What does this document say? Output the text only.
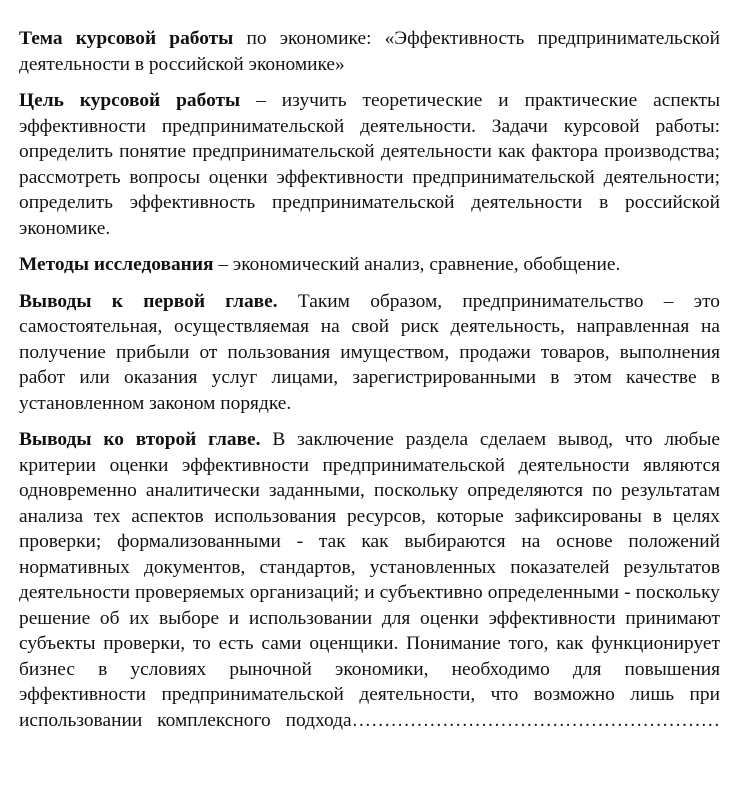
Тема курсовой работы по экономике: «Эффективность предпринимательской деятельности в российской экономике»

Цель курсовой работы – изучить теоретические и практические аспекты эффективности предпринимательской деятельности. Задачи курсовой работы: определить понятие предпринимательской деятельности как фактора производства; рассмотреть вопросы оценки эффективности предпринимательской деятельности; определить эффективность предпринимательской деятельности в российской экономике.

Методы исследования – экономический анализ, сравнение, обобщение.

Выводы к первой главе. Таким образом, предпринимательство – это самостоятельная, осуществляемая на свой риск деятельность, направленная на получение прибыли от пользования имуществом, продажи товаров, выполнения работ или оказания услуг лицами, зарегистрированными в этом качестве в установленном законом порядке.

Выводы ко второй главе. В заключение раздела сделаем вывод, что любые критерии оценки эффективности предпринимательской деятельности являются одновременно аналитически заданными, поскольку определяются по результатам анализа тех аспектов использования ресурсов, которые зафиксированы в целях проверки; формализованными - так как выбираются на основе положений нормативных документов, стандартов, установленных показателей результатов деятельности проверяемых организаций; и субъективно определенными - поскольку решение об их выборе и использовании для оценки эффективности принимают субъекты проверки, то есть сами оценщики. Понимание того, как функционирует бизнес в условиях рыночной экономики, необходимо для повышения эффективности предпринимательской деятельности, что возможно лишь при использовании комплексного подхода…………………………………………………
